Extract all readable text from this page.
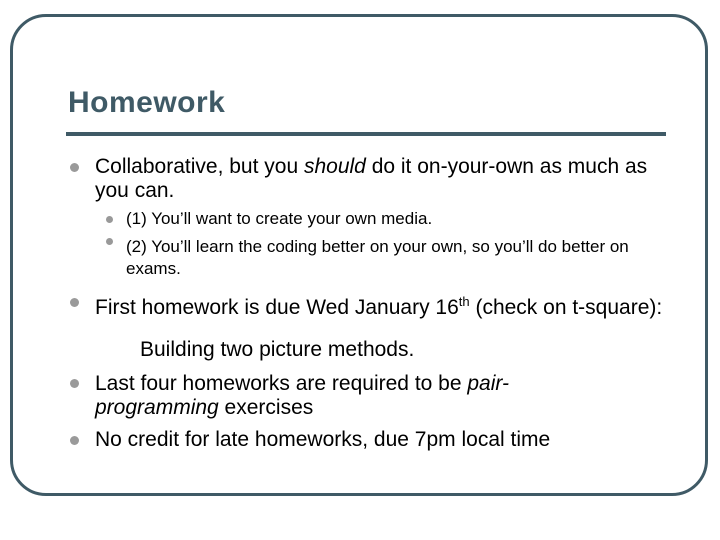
Homework
Collaborative, but you should do it on-your-own as much as you can.
(1) You’ll want to create your own media.
(2) You’ll learn the coding better on your own, so you’ll do better on exams.
First homework is due Wed January 16th (check on t-square):
Building two picture methods.
Last four homeworks are required to be pair-programming exercises
No credit for late homeworks, due 7pm local time
